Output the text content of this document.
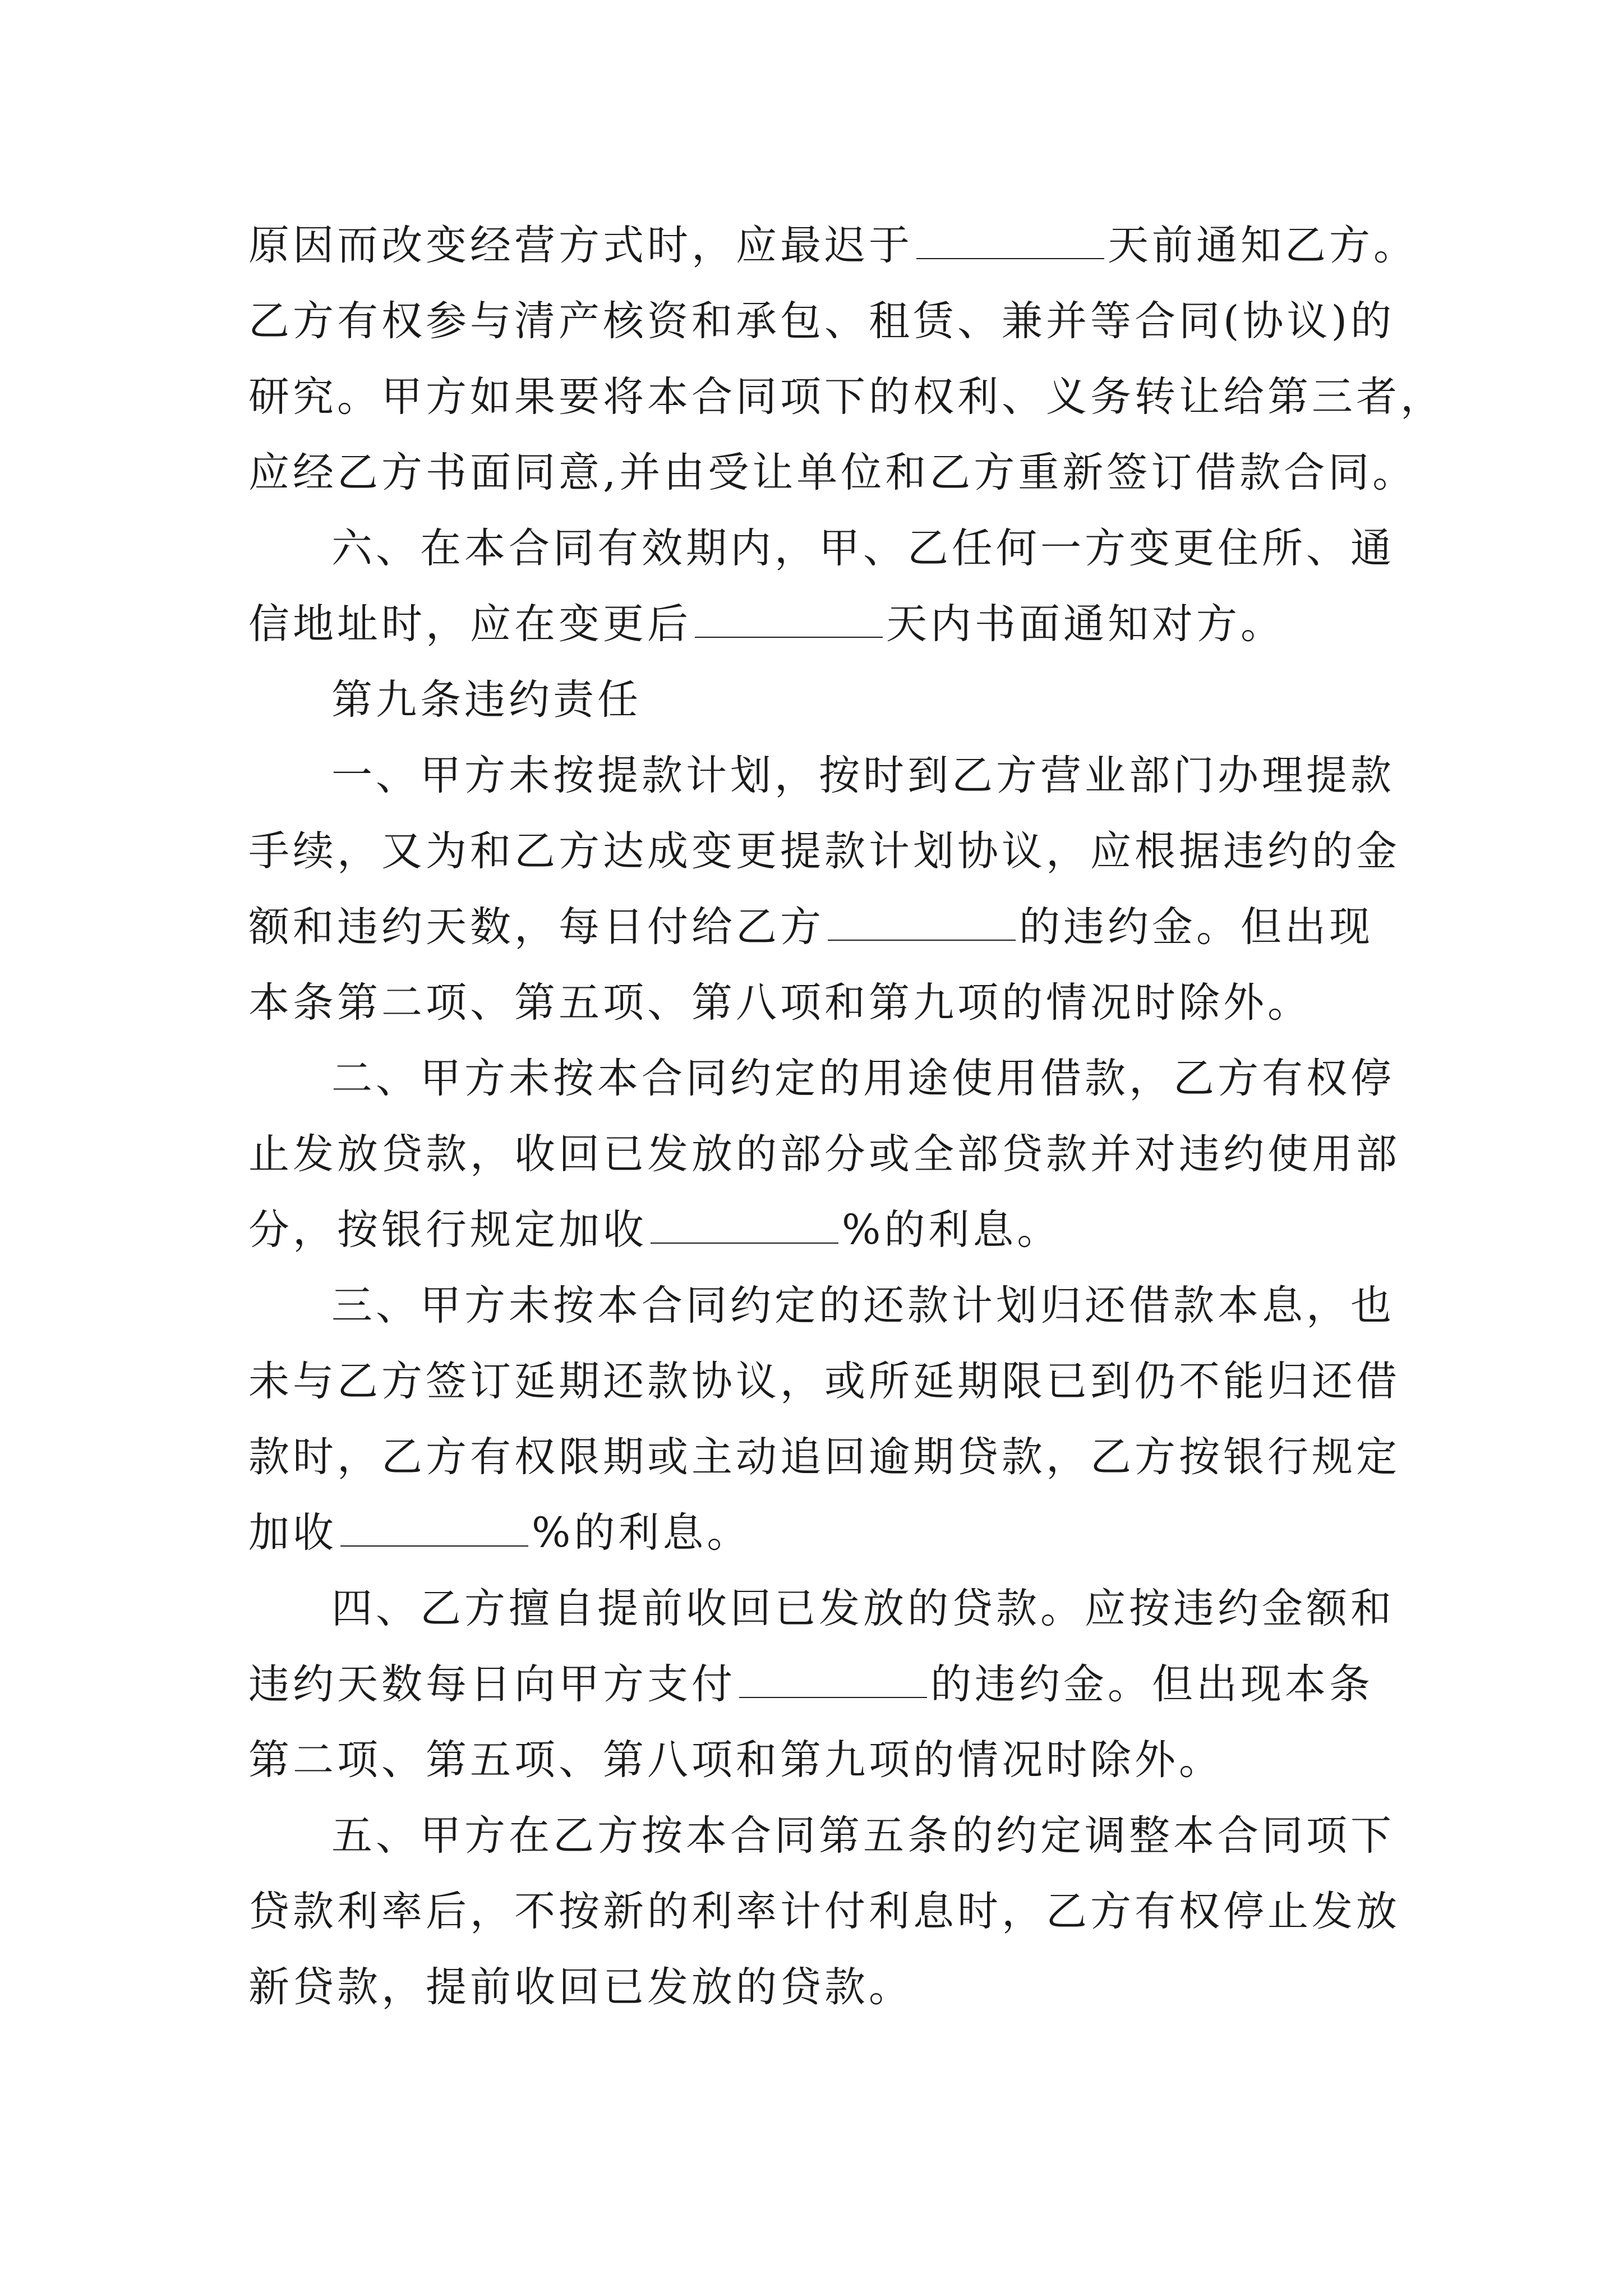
原因而改变经营方式时，应最迟于	天前通知乙方。
乙方有权参与清产核资和承包、租赁、兼并等合同(协议)的
研究。甲方如果要将本合同项下的权利、义务转让给第三者，
应经乙方书面同意,并由受让单位和乙方重新签订借款合同。
六、在本合同有效期内，甲、乙任何一方变更住所、通
信地址时，应在变更后	天内书面通知对方。
第九条违约责任
一、甲方未按提款计划，按时到乙方营业部门办理提款
手续，又为和乙方达成变更提款计划协议，应根据违约的金
额和违约天数，每日付给乙方	的违约金。但出现
本条第二项、第五项、第八项和第九项的情况时除外。
二、甲方未按本合同约定的用途使用借款，乙方有权停
止发放贷款，收回已发放的部分或全部贷款并对违约使用部
分，按银行规定加收	%的利息。
三、甲方未按本合同约定的还款计划归还借款本息，也
未与乙方签订延期还款协议，或所延期限已到仍不能归还借
款时，乙方有权限期或主动追回逾期贷款，乙方按银行规定
加收	%的利息。
四、乙方擅自提前收回已发放的贷款。应按违约金额和
违约天数每日向甲方支付	的违约金。但出现本条
第二项、第五项、第八项和第九项的情况时除外。
五、甲方在乙方按本合同第五条的约定调整本合同项下
贷款利率后，不按新的利率计付利息时，乙方有权停止发放
新贷款，提前收回已发放的贷款。
